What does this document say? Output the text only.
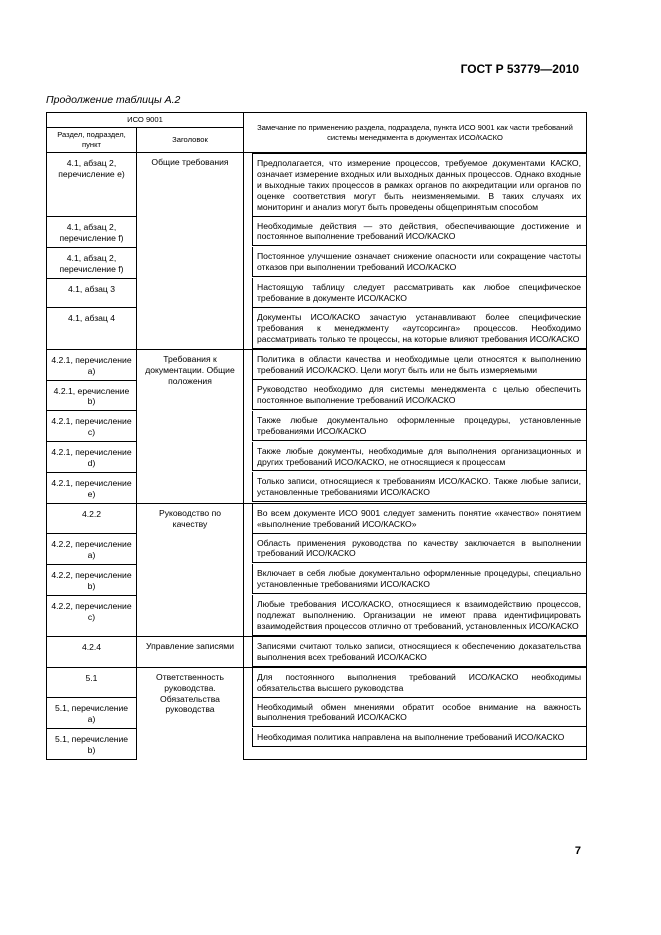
ГОСТ Р 53779—2010
Продолжение таблицы А.2
ИСО 9001		Замечание по применению раздела, подраздела, пункта ИСО 9001 как части требований системы менеджмента в документах ИСО/КАСКО
Раздел, подраздел, пункт	Заголовок	

4.1, абзац 2, перечисление е)	Общие требования	Предполагается, что измерение процессов, требуемое документами КАСКО, означает измерение входных или выходных данных процессов. Однако входные и выходные таких процессов в рамках органов по аккредитации или органов по оценке соответствия могут быть неизменяемыми. В таких случаях их мониторинг и анализ могут быть проведены общепринятым способом

4.1, абзац 2, перечисление f)		Необходимые действия — это действия, обеспечивающие достижение и постоянное выполнение требований ИСО/КАСКО

4.1, абзац 2, перечисление f)		Постоянное улучшение означает снижение опасности или сокращение частоты отказов при выполнении требований ИСО/КАСКО

4.1, абзац 3		Настоящую таблицу следует рассматривать как любое специфическое требование в документе ИСО/КАСКО

4.1, абзац 4		Документы ИСО/КАСКО зачастую устанавливают более специфические требования к менеджменту «аутсорсинга» процессов. Необходимо рассматривать только те процессы, на которые влияют требования ИСО/КАСКО

4.2.1, перечисление а)	Требования к документации. Общие положения	Политика в области качества и необходимые цели относятся к выполнению требований ИСО/КАСКО. Цели могут быть или не быть измеряемыми

4.2.1, еречисление b)		Руководство необходимо для системы менеджмента с целью обеспечить постоянное выполнение требований ИСО/КАСКО

4.2.1, перечисление с)		Также любые документально оформленные процедуры, установленные требованиями ИСО/КАСКО

4.2.1, перечисление d)		Также любые документы, необходимые для выполнения организационных и других требований ИСО/КАСКО, не относящиеся к процессам

4.2.1, перечисление е)		Только записи, относящиеся к требованиям ИСО/КАСКО. Также любые записи, установленные требованиями ИСО/КАСКО

4.2.2	Руководство по качеству	Во всем документе ИСО 9001 следует заменить понятие «качество» понятием «выполнение требований ИСО/КАСКО»

4.2.2, перечисление а)		Область применения руководства по качеству заключается в выполнении требований ИСО/КАСКО

4.2.2, перечисление b)		Включает в себя любые документально оформленные процедуры, специально установленные требованиями ИСО/КАСКО

4.2.2, перечисление с)		Любые требования ИСО/КАСКО, относящиеся к взаимодействию процессов, подлежат выполнению. Организации не имеют права идентифицировать взаимодействия процессов отлично от требований, установленных ИСО/КАСКО

4.2.4	Управление записями	Записями считают только записи, относящиеся к обеспечению доказательства выполнения всех требований ИСО/КАСКО

5.1	Ответственность руководства. Обязательства руководства	Для постоянного выполнения требований ИСО/КАСКО необходимы обязательства высшего руководства

5.1, перечисление а)		Необходимый обмен мнениями обратит особое внимание на важность выполнения требований ИСО/КАСКО

5.1, перечисление b)		Необходимая политика направлена на выполнение требований ИСО/КАСКО
7
